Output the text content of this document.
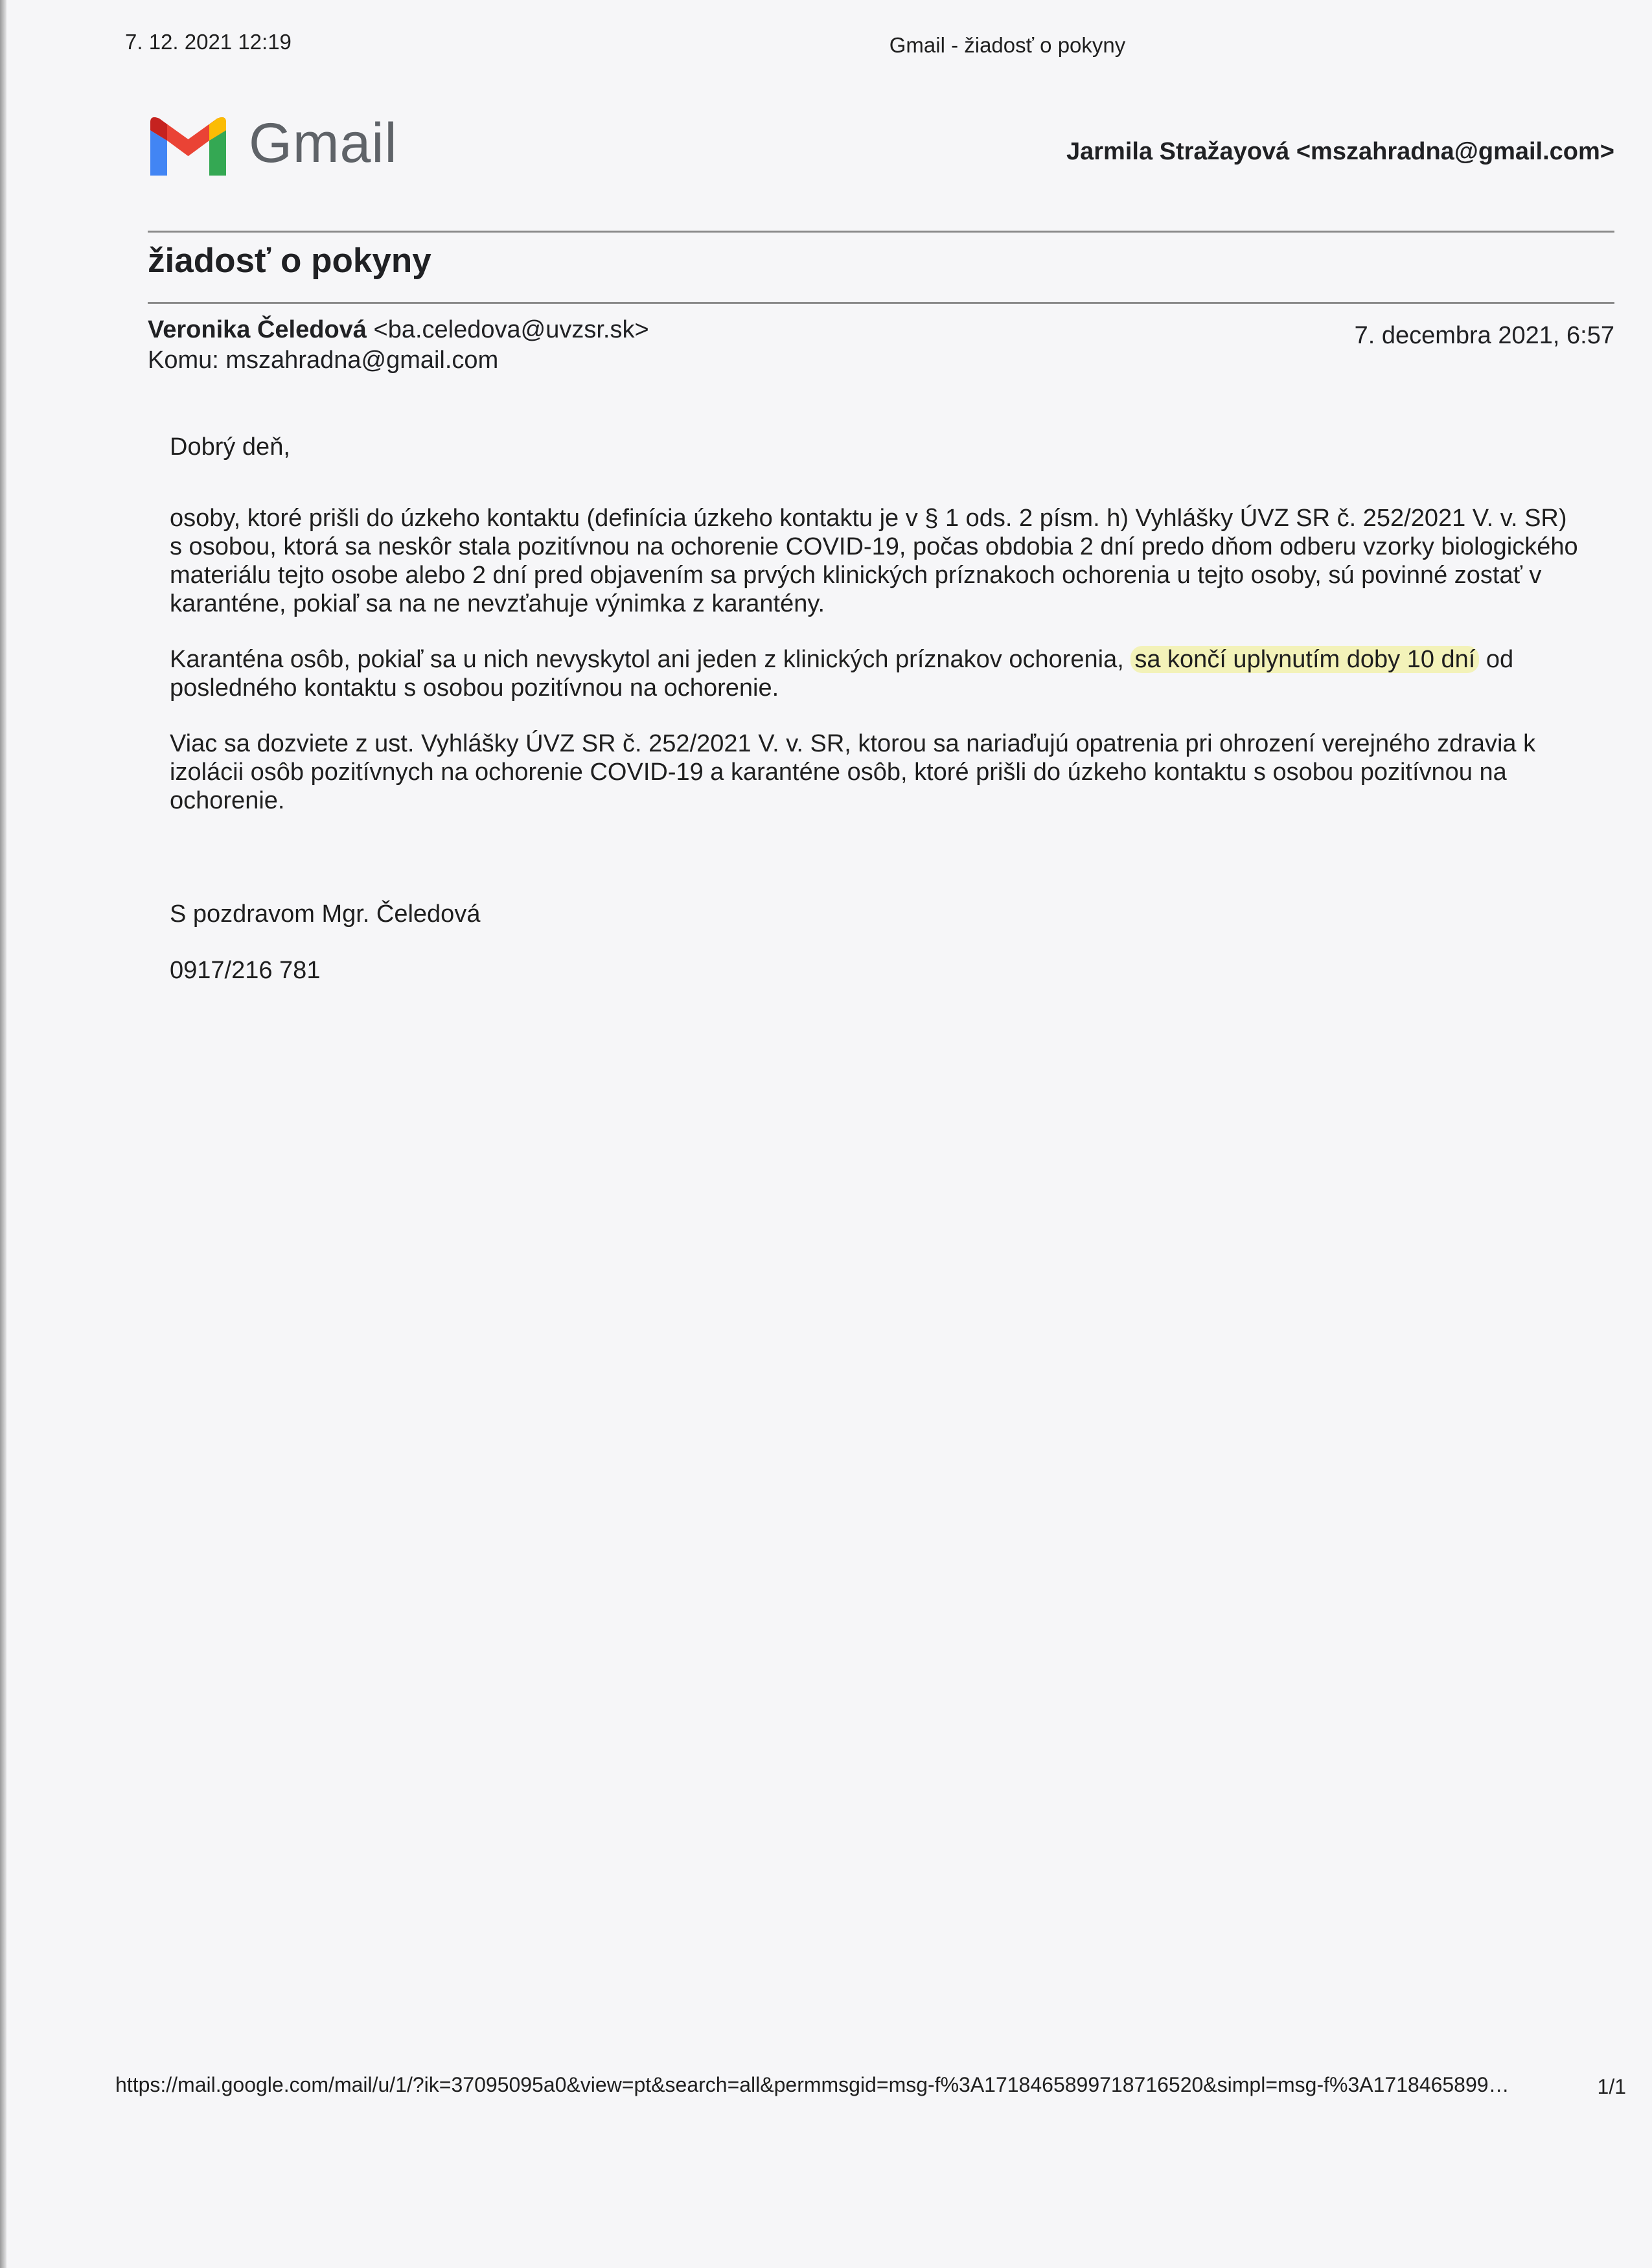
7. 12. 2021 12:19	Gmail - žiadosť o pokyny
Gmail	Jarmila Stražayová <mszahradna@gmail.com>
žiadosť o pokyny
Veronika Čeledová <ba.celedova@uvzsr.sk>
Komu: mszahradna@gmail.com
7. decembra 2021, 6:57

Dobrý deň,

osoby, ktoré prišli do úzkeho kontaktu (definícia úzkeho kontaktu je v § 1 ods. 2 písm. h) Vyhlášky ÚVZ SR č. 252/2021 V. v. SR) s osobou, ktorá sa neskôr stala pozitívnou na ochorenie COVID-19, počas obdobia 2 dní predo dňom odberu vzorky biologického materiálu tejto osobe alebo 2 dní pred objavením sa prvých klinických príznakoch ochorenia u tejto osoby, sú povinné zostať v karanténe, pokiaľ sa na ne nevzťahuje výnimka z karantény.

Karanténa osôb, pokiaľ sa u nich nevyskytol ani jeden z klinických príznakov ochorenia, sa končí uplynutím doby 10 dní od posledného kontaktu s osobou pozitívnou na ochorenie.

Viac sa dozviete z ust. Vyhlášky ÚVZ SR č. 252/2021 V. v. SR, ktorou sa nariaďujú opatrenia pri ohrození verejného zdravia k izolácii osôb pozitívnych na ochorenie COVID-19 a karanténe osôb, ktoré prišli do úzkeho kontaktu s osobou pozitívnou na ochorenie.

S pozdravom Mgr. Čeledová
0917/216 781
https://mail.google.com/mail/u/1/?ik=37095095a0&view=pt&search=all&permmsgid=msg-f%3A1718465899718716520&simpl=msg-f%3A1718465899…	1/1
